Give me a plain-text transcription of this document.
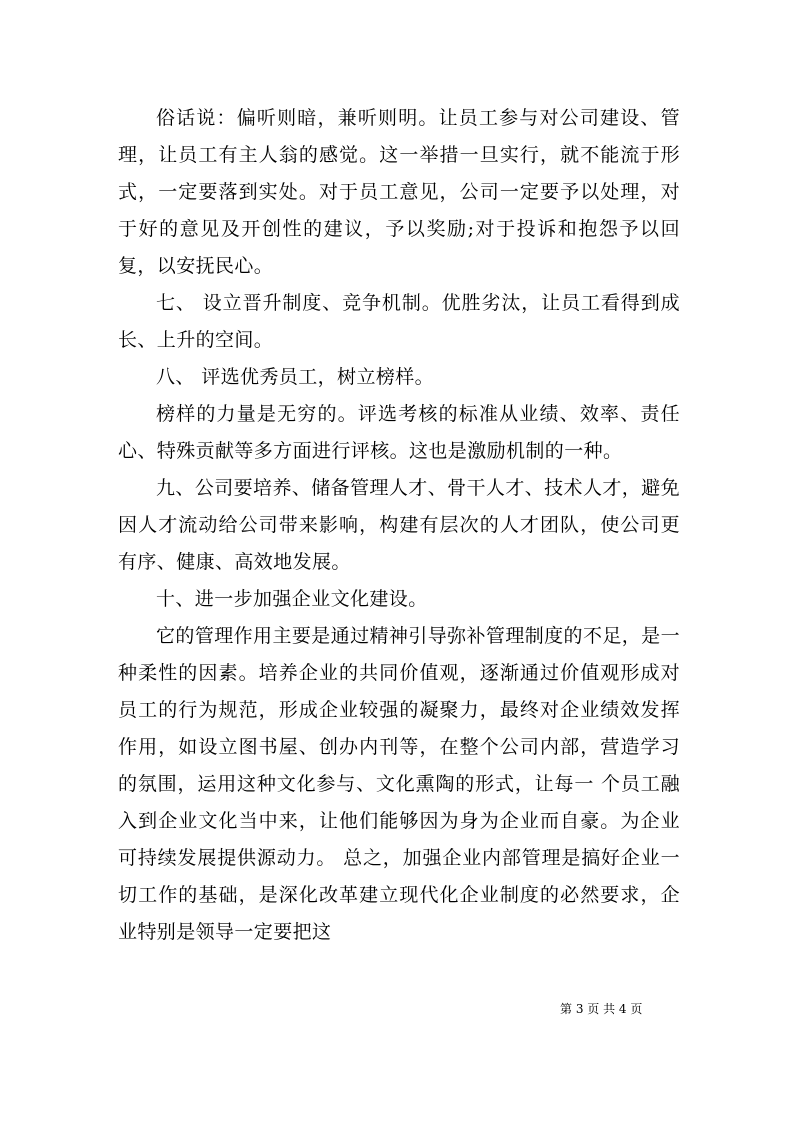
俗话说：偏听则暗，兼听则明。让员工参与对公司建设、管理，让员工有主人翁的感觉。这一举措一旦实行，就不能流于形式，一定要落到实处。对于员工意见，公司一定要予以处理，对于好的意见及开创性的建议，予以奖励;对于投诉和抱怨予以回复，以安抚民心。

七、 设立晋升制度、竞争机制。优胜劣汰，让员工看得到成长、上升的空间。

八、 评选优秀员工，树立榜样。

榜样的力量是无穷的。评选考核的标准从业绩、效率、责任心、特殊贡献等多方面进行评核。这也是激励机制的一种。

九、公司要培养、储备管理人才、骨干人才、技术人才，避免因人才流动给公司带来影响，构建有层次的人才团队，使公司更有序、健康、高效地发展。

十、进一步加强企业文化建设。

它的管理作用主要是通过精神引导弥补管理制度的不足，是一种柔性的因素。培养企业的共同价值观，逐渐通过价值观形成对员工的行为规范，形成企业较强的凝聚力，最终对企业绩效发挥作用，如设立图书屋、创办内刊等，在整个公司内部，营造学习的氛围，运用这种文化参与、文化熏陶的形式，让每一 个员工融入到企业文化当中来，让他们能够因为身为企业而自豪。为企业可持续发展提供源动力。 总之，加强企业内部管理是搞好企业一切工作的基础，是深化改革建立现代化企业制度的必然要求，企业特别是领导一定要把这

第 3 页 共 4 页
